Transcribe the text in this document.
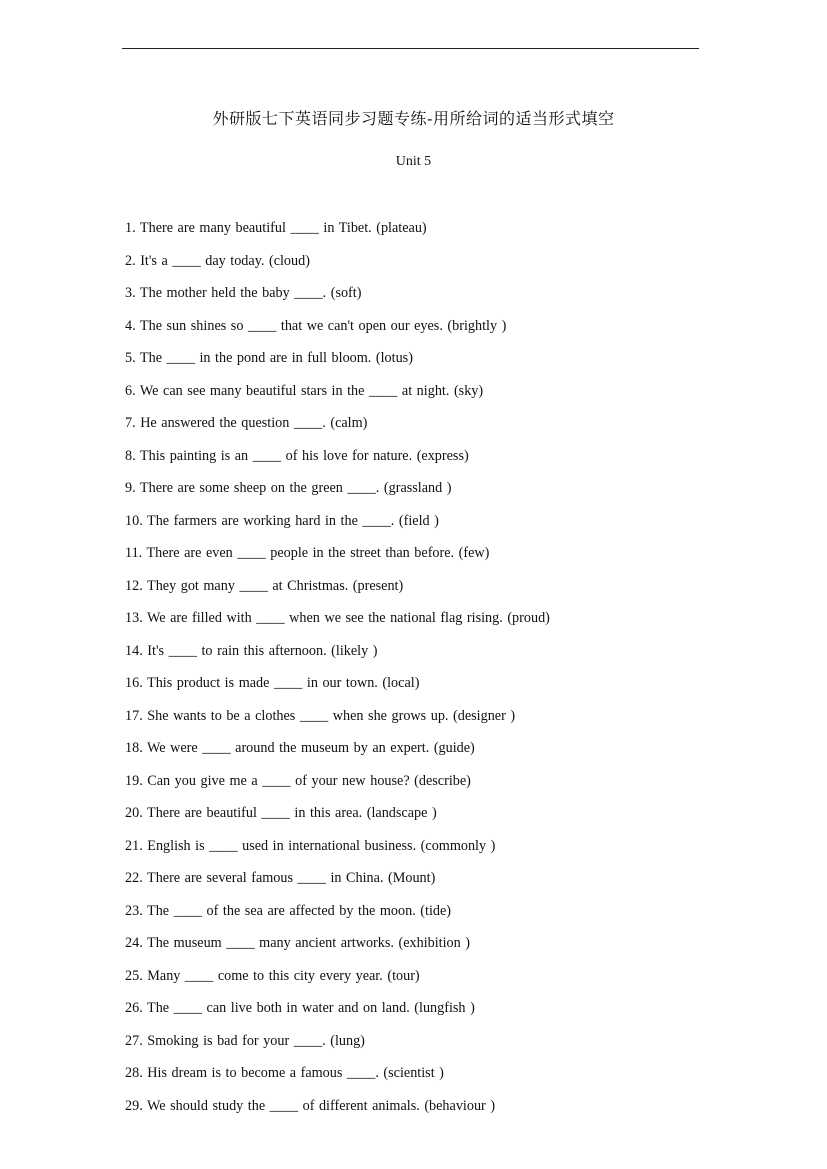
外研版七下英语同步习题专练-用所给词的适当形式填空
Unit 5
1. There are many beautiful ____ in Tibet. (plateau)
2. It's a ____ day today. (cloud)
3. The mother held the baby ____. (soft)
4. The sun shines so ____ that we can't open our eyes. (brightly )
5. The ____ in the pond are in full bloom. (lotus)
6. We can see many beautiful stars in the ____ at night. (sky)
7. He answered the question ____. (calm)
8. This painting is an ____ of his love for nature. (express)
9. There are some sheep on the green ____. (grassland )
10. The farmers are working hard in the ____. (field )
11. There are even ____ people in the street than before. (few)
12. They got many ____ at Christmas. (present)
13. We are filled with ____ when we see the national flag rising. (proud)
14. It's ____ to rain this afternoon. (likely )
16. This product is made ____ in our town. (local)
17. She wants to be a clothes ____ when she grows up. (designer )
18. We were ____ around the museum by an expert. (guide)
19. Can you give me a ____ of your new house? (describe)
20. There are beautiful ____ in this area. (landscape )
21. English is ____ used in international business. (commonly )
22. There are several famous ____ in China. (Mount)
23. The ____ of the sea are affected by the moon. (tide)
24. The museum ____ many ancient artworks. (exhibition )
25. Many ____ come to this city every year. (tour)
26. The ____ can live both in water and on land. (lungfish )
27. Smoking is bad for your ____. (lung)
28. His dream is to become a famous ____. (scientist )
29. We should study the ____ of different animals. (behaviour )
